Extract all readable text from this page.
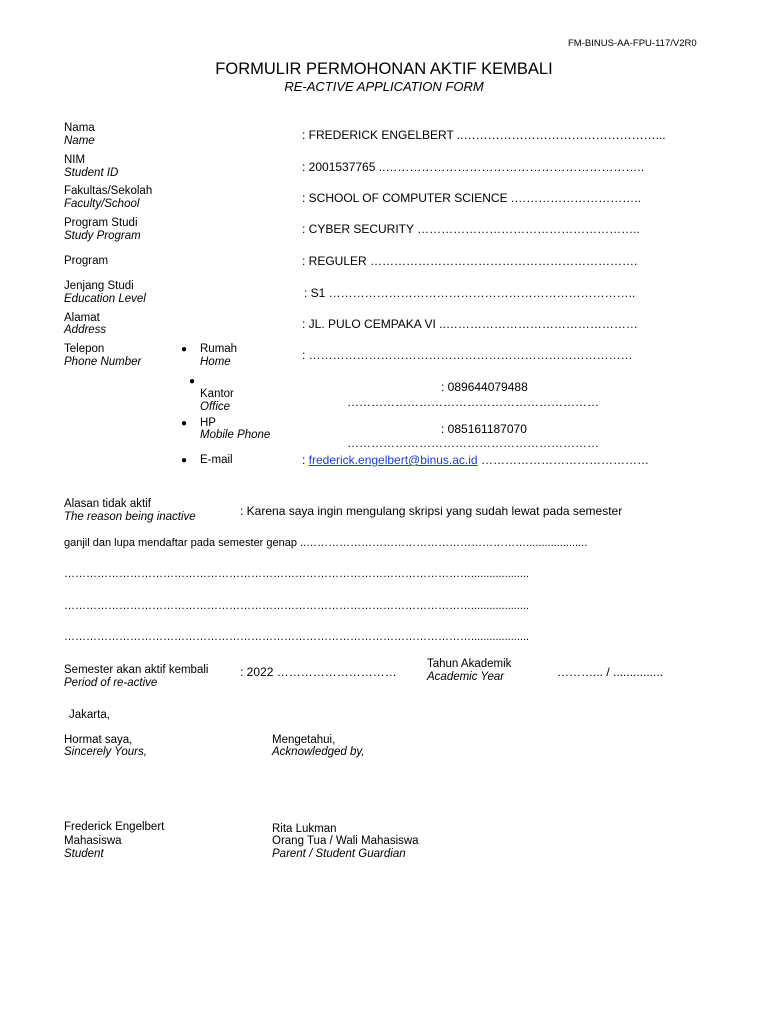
FM-BINUS-AA-FPU-117/V2R0
FORMULIR PERMOHONAN AKTIF KEMBALI
RE-ACTIVE APPLICATION FORM
Nama
Name	: FREDERICK ENGELBERT ..…………………………………………...
NIM
Student ID	: 2001537765 ..………………………………………………………..
Fakultas/Sekolah
Faculty/School	: SCHOOL OF COMPUTER SCIENCE .…………………………..
Program Studi
Study Program	: CYBER SECURITY ………………………………………………..
Program	: REGULER ………………………………………………………….
Jenjang Studi
Education Level	: S1 …………………………………………………………………..
Alamat
Address	: JL. PULO CEMPAKA VI ..…………………………………………
Telepon
Phone Number
● Rumah
Home	: ………………………………………………………………………
●
Kantor
Office
: 089644079488
………………………………………………………
● HP
Mobile Phone	: 085161187070
………………………………………………………
● E-mail	: frederick.engelbert@binus.ac.id ……………………………………
Alasan tidak aktif
The reason being inactive	: Karena saya ingin mengulang skripsi yang sudah lewat pada semester
ganjil dan lupa mendaftar pada semester genap ..……………………………………………………....................
…………………………………………………………………………………………………...................
…………………………………………………………………………………………………...................
…………………………………………………………………………………………………...................
Semester akan aktif kembali
Period of re-active
: 2022 …………………………
Tahun Akademik
Academic Year	………... / ...............
Jakarta,
Hormat saya,
Sincerely Yours,
Mengetahui,
Acknowledged by,
Frederick Engelbert
Mahasiswa
Student
Rita Lukman
Orang Tua / Wali Mahasiswa
Parent / Student Guardian
